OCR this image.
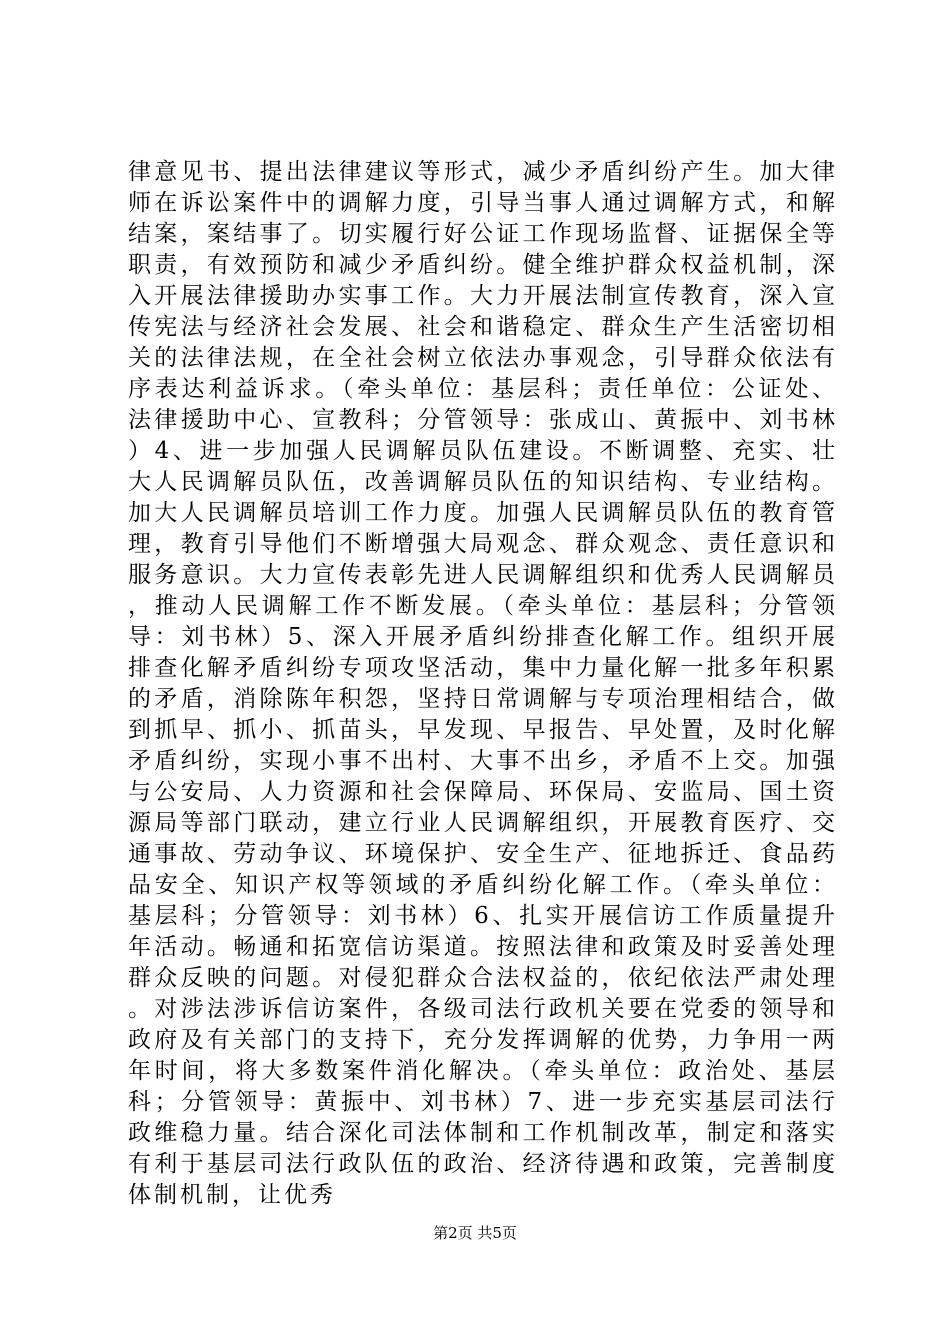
律意见书、提出法律建议等形式，减少矛盾纠纷产生。加大律师在诉讼案件中的调解力度，引导当事人通过调解方式，和解结案，案结事了。切实履行好公证工作现场监督、证据保全等职责，有效预防和减少矛盾纠纷。健全维护群众权益机制，深入开展法律援助办实事工作。大力开展法制宣传教育，深入宣传宪法与经济社会发展、社会和谐稳定、群众生产生活密切相关的法律法规，在全社会树立依法办事观念，引导群众依法有序表达利益诉求。（牵头单位：基层科；责任单位：公证处、法律援助中心、宣教科；分管领导：张成山、黄振中、刘书林）4、进一步加强人民调解员队伍建设。不断调整、充实、壮大人民调解员队伍，改善调解员队伍的知识结构、专业结构。加大人民调解员培训工作力度。加强人民调解员队伍的教育管理，教育引导他们不断增强大局观念、群众观念、责任意识和服务意识。大力宣传表彰先进人民调解组织和优秀人民调解员，推动人民调解工作不断发展。（牵头单位：基层科；分管领导：刘书林）5、深入开展矛盾纠纷排查化解工作。组织开展排查化解矛盾纠纷专项攻坚活动，集中力量化解一批多年积累的矛盾，消除陈年积怨，坚持日常调解与专项治理相结合，做到抓早、抓小、抓苗头，早发现、早报告、早处置，及时化解矛盾纠纷，实现小事不出村、大事不出乡，矛盾不上交。加强与公安局、人力资源和社会保障局、环保局、安监局、国土资源局等部门联动，建立行业人民调解组织，开展教育医疗、交通事故、劳动争议、环境保护、安全生产、征地拆迁、食品药品安全、知识产权等领域的矛盾纠纷化解工作。（牵头单位：基层科；分管领导：刘书林）6、扎实开展信访工作质量提升年活动。畅通和拓宽信访渠道。按照法律和政策及时妥善处理群众反映的问题。对侵犯群众合法权益的，依纪依法严肃处理。对涉法涉诉信访案件，各级司法行政机关要在党委的领导和政府及有关部门的支持下，充分发挥调解的优势，力争用一两年时间，将大多数案件消化解决。（牵头单位：政治处、基层科；分管领导：黄振中、刘书林）7、进一步充实基层司法行政维稳力量。结合深化司法体制和工作机制改革，制定和落实有利于基层司法行政队伍的政治、经济待遇和政策，完善制度体制机制，让优秀

第2页 共5页
